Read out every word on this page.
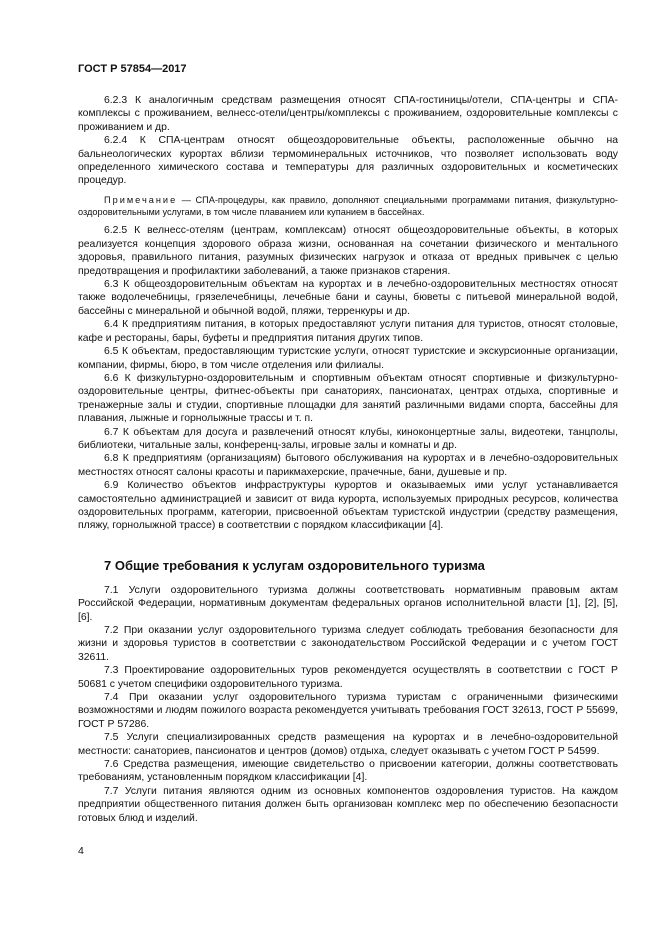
ГОСТ Р 57854—2017

6.2.3 К аналогичным средствам размещения относят СПА-гостиницы/отели, СПА-центры и СПА-комплексы с проживанием, велнесс-отели/центры/комплексы с проживанием, оздоровительные комплексы с проживанием и др.

6.2.4 К СПА-центрам относят общеоздоровительные объекты, расположенные обычно на бальнеологических курортах вблизи термоминеральных источников, что позволяет использовать воду определенного химического состава и температуры для различных оздоровительных и косметических процедур.

Примечание — СПА-процедуры, как правило, дополняют специальными программами питания, физкультурно-оздоровительными услугами, в том числе плаванием или купанием в бассейнах.

6.2.5 К велнесс-отелям (центрам, комплексам) относят общеоздоровительные объекты, в которых реализуется концепция здорового образа жизни, основанная на сочетании физического и ментального здоровья, правильного питания, разумных физических нагрузок и отказа от вредных привычек с целью предотвращения и профилактики заболеваний, а также признаков старения.

6.3 К общеоздоровительным объектам на курортах и в лечебно-оздоровительных местностях относят также водолечебницы, грязелечебницы, лечебные бани и сауны, бюветы с питьевой минеральной водой, бассейны с минеральной и обычной водой, пляжи, терренкуры и др.

6.4 К предприятиям питания, в которых предоставляют услуги питания для туристов, относят столовые, кафе и рестораны, бары, буфеты и предприятия питания других типов.

6.5 К объектам, предоставляющим туристские услуги, относят туристские и экскурсионные организации, компании, фирмы, бюро, в том числе отделения или филиалы.

6.6 К физкультурно-оздоровительным и спортивным объектам относят спортивные и физкультурно-оздоровительные центры, фитнес-объекты при санаториях, пансионатах, центрах отдыха, спортивные и тренажерные залы и студии, спортивные площадки для занятий различными видами спорта, бассейны для плавания, лыжные и горнолыжные трассы и т. п.

6.7 К объектам для досуга и развлечений относят клубы, киноконцертные залы, видеотеки, танцполы, библиотеки, читальные залы, конференц-залы, игровые залы и комнаты и др.

6.8 К предприятиям (организациям) бытового обслуживания на курортах и в лечебно-оздоровительных местностях относят салоны красоты и парикмахерские, прачечные, бани, душевые и пр.

6.9 Количество объектов инфраструктуры курортов и оказываемых ими услуг устанавливается самостоятельно администрацией и зависит от вида курорта, используемых природных ресурсов, количества оздоровительных программ, категории, присвоенной объектам туристской индустрии (средству размещения, пляжу, горнолыжной трассе) в соответствии с порядком классификации [4].

7 Общие требования к услугам оздоровительного туризма

7.1 Услуги оздоровительного туризма должны соответствовать нормативным правовым актам Российской Федерации, нормативным документам федеральных органов исполнительной власти [1], [2], [5], [6].

7.2 При оказании услуг оздоровительного туризма следует соблюдать требования безопасности для жизни и здоровья туристов в соответствии с законодательством Российской Федерации и с учетом ГОСТ 32611.

7.3 Проектирование оздоровительных туров рекомендуется осуществлять в соответствии с ГОСТ Р 50681 с учетом специфики оздоровительного туризма.

7.4 При оказании услуг оздоровительного туризма туристам с ограниченными физическими возможностями и людям пожилого возраста рекомендуется учитывать требования ГОСТ 32613, ГОСТ Р 55699, ГОСТ Р 57286.

7.5 Услуги специализированных средств размещения на курортах и в лечебно-оздоровительной местности: санаториев, пансионатов и центров (домов) отдыха, следует оказывать с учетом ГОСТ Р 54599.

7.6 Средства размещения, имеющие свидетельство о присвоении категории, должны соответствовать требованиям, установленным порядком классификации [4].

7.7 Услуги питания являются одним из основных компонентов оздоровления туристов. На каждом предприятии общественного питания должен быть организован комплекс мер по обеспечению безопасности готовых блюд и изделий.

4
